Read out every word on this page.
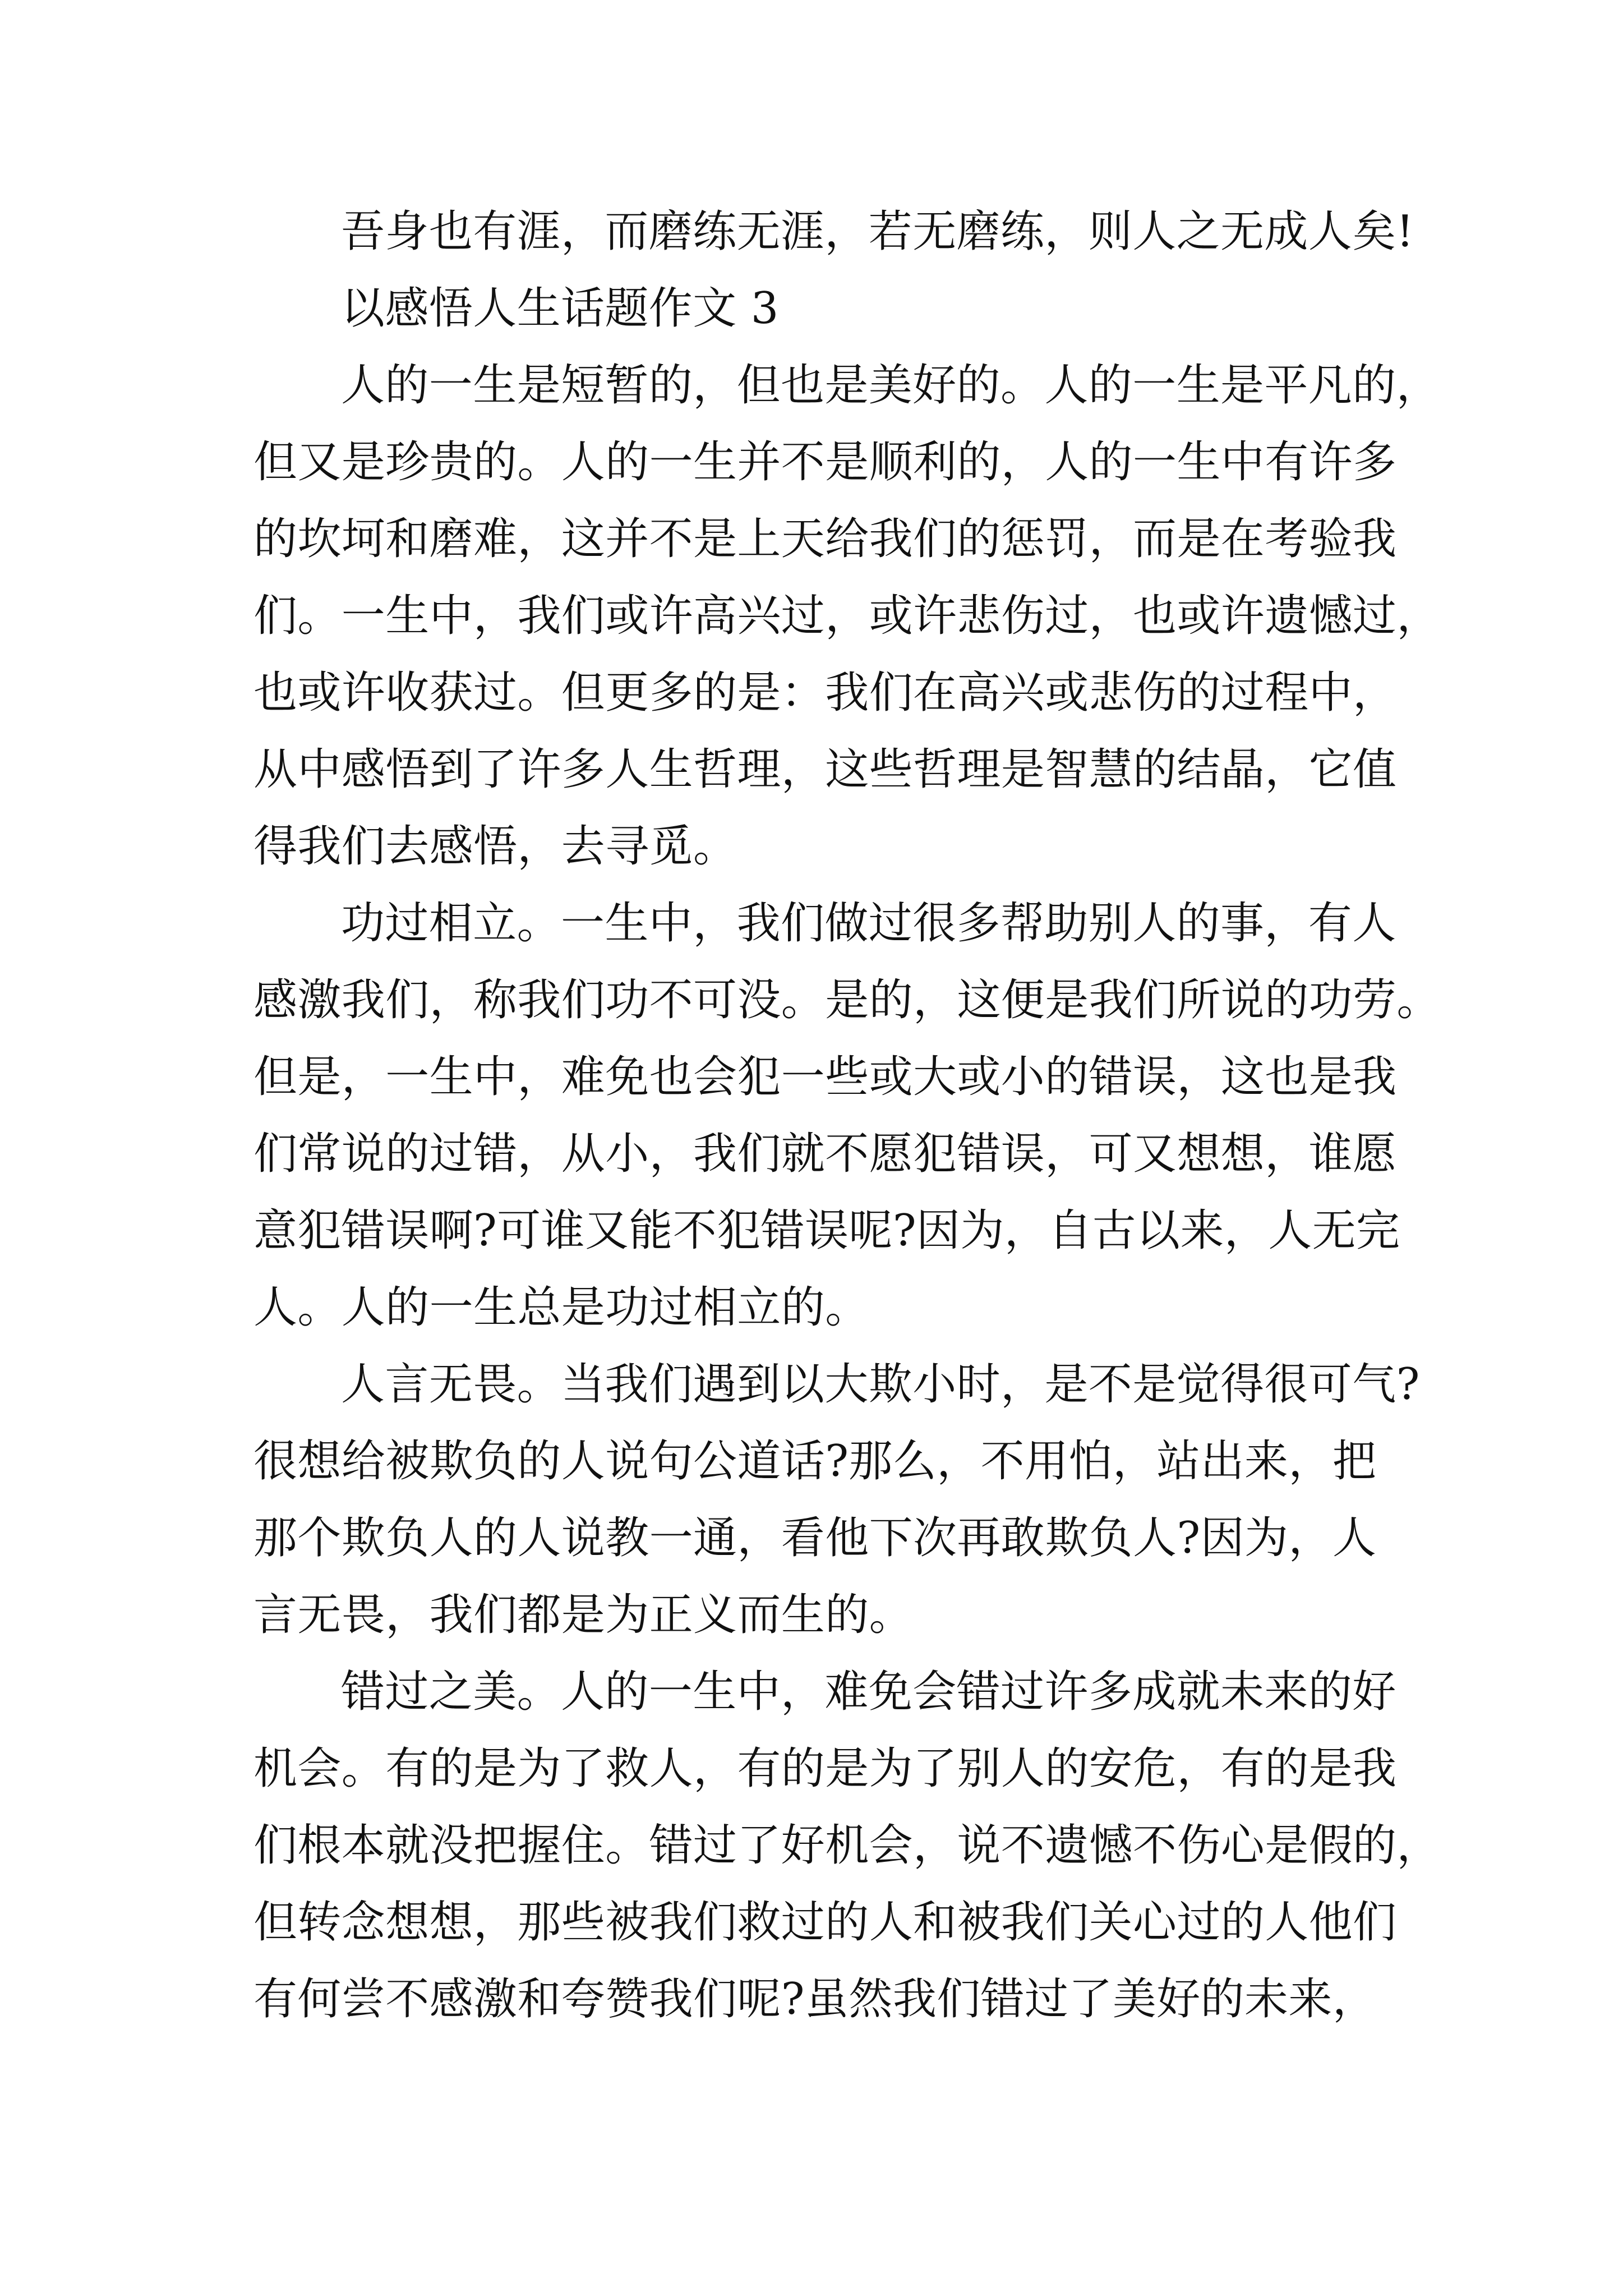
吾身也有涯，而磨练无涯，若无磨练，则人之无成人矣!
以感悟人生话题作文 3
人的一生是短暂的，但也是美好的。人的一生是平凡的，
但又是珍贵的。人的一生并不是顺利的，人的一生中有许多
的坎坷和磨难，这并不是上天给我们的惩罚，而是在考验我
们。一生中，我们或许高兴过，或许悲伤过，也或许遗憾过，
也或许收获过。但更多的是：我们在高兴或悲伤的过程中，
从中感悟到了许多人生哲理，这些哲理是智慧的结晶，它值
得我们去感悟，去寻觅。
功过相立。一生中，我们做过很多帮助别人的事，有人
感激我们，称我们功不可没。是的，这便是我们所说的功劳。
但是，一生中，难免也会犯一些或大或小的错误，这也是我
们常说的过错，从小，我们就不愿犯错误，可又想想，谁愿
意犯错误啊?可谁又能不犯错误呢?因为，自古以来，人无完
人。人的一生总是功过相立的。
人言无畏。当我们遇到以大欺小时，是不是觉得很可气?
很想给被欺负的人说句公道话?那么，不用怕，站出来，把
那个欺负人的人说教一通，看他下次再敢欺负人?因为，人
言无畏，我们都是为正义而生的。
错过之美。人的一生中，难免会错过许多成就未来的好
机会。有的是为了救人，有的是为了别人的安危，有的是我
们根本就没把握住。错过了好机会，说不遗憾不伤心是假的，
但转念想想，那些被我们救过的人和被我们关心过的人他们
有何尝不感激和夸赞我们呢?虽然我们错过了美好的未来，
